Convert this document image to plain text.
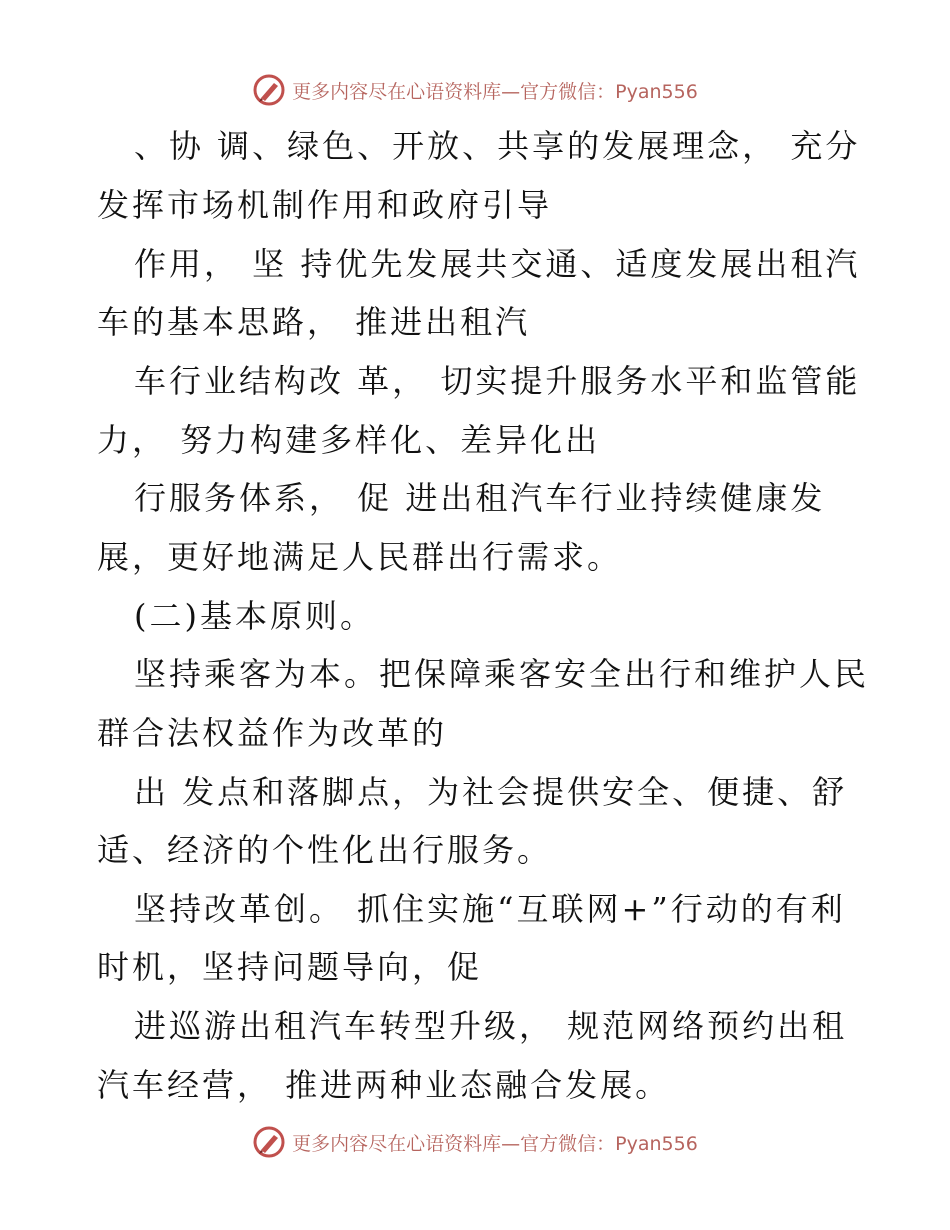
更多内容尽在心语资料库—官方微信：Pyan556
、协 调、绿色、开放、共享的发展理念， 充分
发挥市场机制作用和政府引导
作用， 坚 持优先发展共交通、适度发展出租汽
车的基本思路， 推进出租汽
车行业结构改 革， 切实提升服务水平和监管能
力， 努力构建多样化、差异化出
行服务体系， 促 进出租汽车行业持续健康发
展，更好地满足人民群出行需求。
(二)基本原则。
坚持乘客为本。把保障乘客安全出行和维护人民
群合法权益作为改革的
出 发点和落脚点，为社会提供安全、便捷、舒
适、经济的个性化出行服务。
坚持改革创。 抓住实施“互联网+”行动的有利
时机，坚持问题导向，促
进巡游出租汽车转型升级， 规范网络预约出租
汽车经营， 推进两种业态融合发展。
更多内容尽在心语资料库—官方微信：Pyan556
